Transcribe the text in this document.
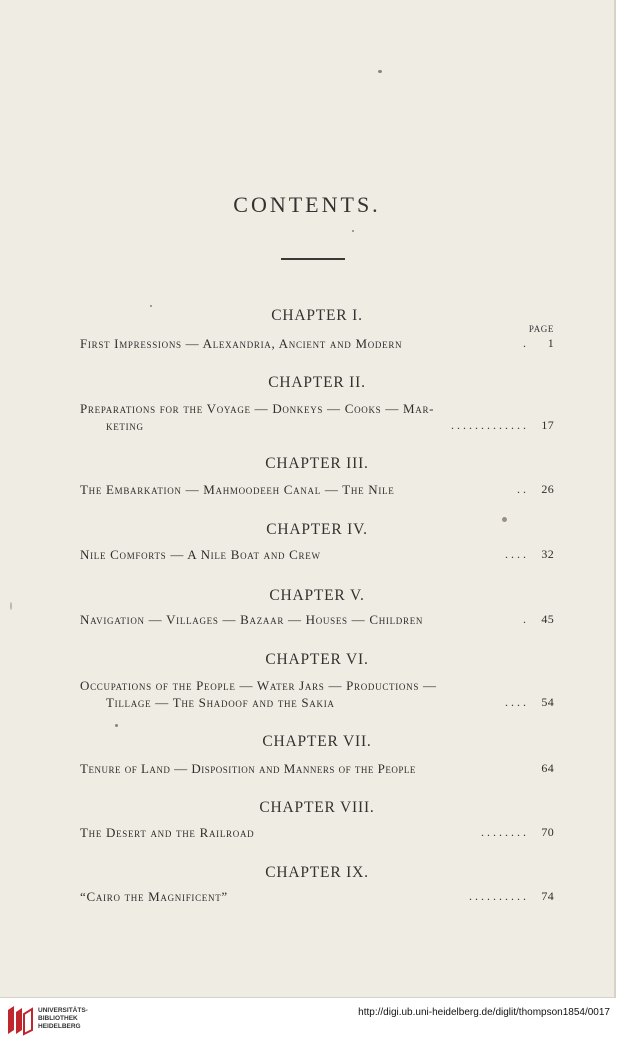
CONTENTS.
PAGE
CHAPTER I.
First Impressions — Alexandria, Ancient and Modern	.	1
CHAPTER II.
Preparations for the Voyage — Donkeys — Cooks — Mar-
keting	. . . . . . . . . . . . .	17
CHAPTER III.
The Embarkation — Mahmoodeeh Canal — The Nile	. .	26
CHAPTER IV.
Nile Comforts — A Nile Boat and Crew	. . . .	32
CHAPTER V.
Navigation — Villages — Bazaar — Houses — Children	.	45
CHAPTER VI.
Occupations of the People — Water Jars — Productions —
Tillage — The Shadoof and the Sakia	. . . .	54
CHAPTER VII.
Tenure of Land — Disposition and Manners of the People	64
CHAPTER VIII.
The Desert and the Railroad	. . . . . . . .	70
CHAPTER IX.
“Cairo the Magnificent”	. . . . . . . . . .	74
UNIVERSITÄTS-
BIBLIOTHEK
HEIDELBERG
http://digi.ub.uni-heidelberg.de/diglit/thompson1854/0017
